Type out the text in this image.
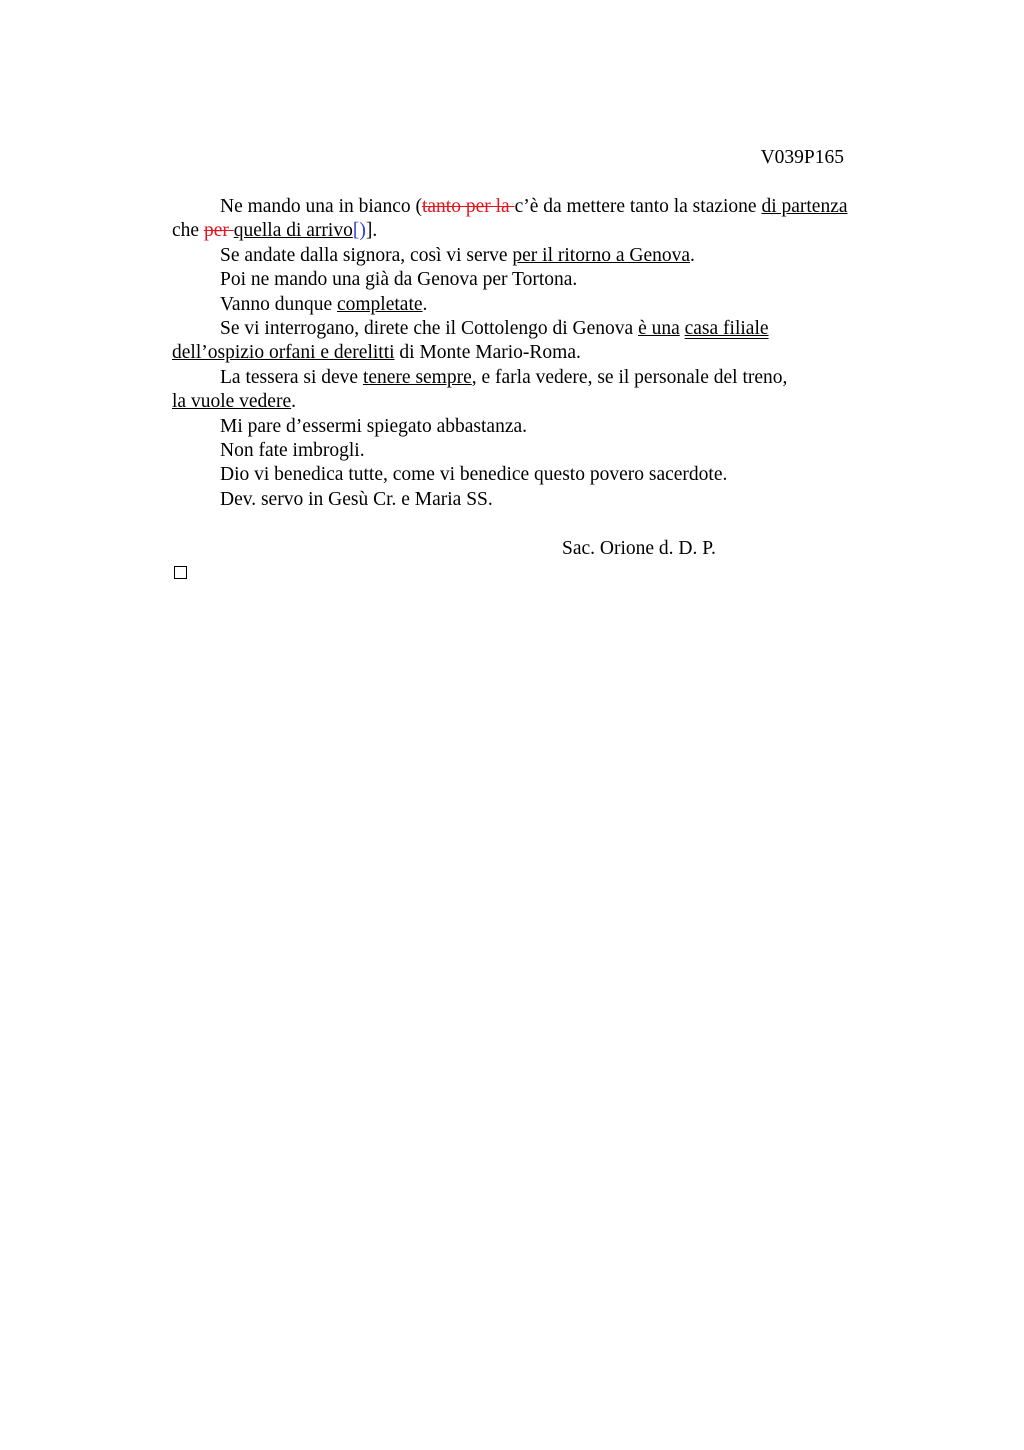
V039P165

Ne mando una in bianco (tanto per la c’è da mettere tanto la stazione di partenza

che per quella di arrivo[)].

Se andate dalla signora, così vi serve per il ritorno a Genova.

Poi ne mando una già da Genova per Tortona.

Vanno dunque completate.

Se vi interrogano, direte che il Cottolengo di Genova è una casa filiale

dell’ospizio orfani e derelitti di Monte Mario-Roma.

La tessera si deve tenere sempre, e farla vedere, se il personale del treno,

la vuole vedere.

Mi pare d’essermi spiegato abbastanza.

Non fate imbrogli.

Dio vi benedica tutte, come vi benedice questo povero sacerdote.

Dev. servo in Gesù Cr. e Maria SS.

Sac. Orione d. D. P.
